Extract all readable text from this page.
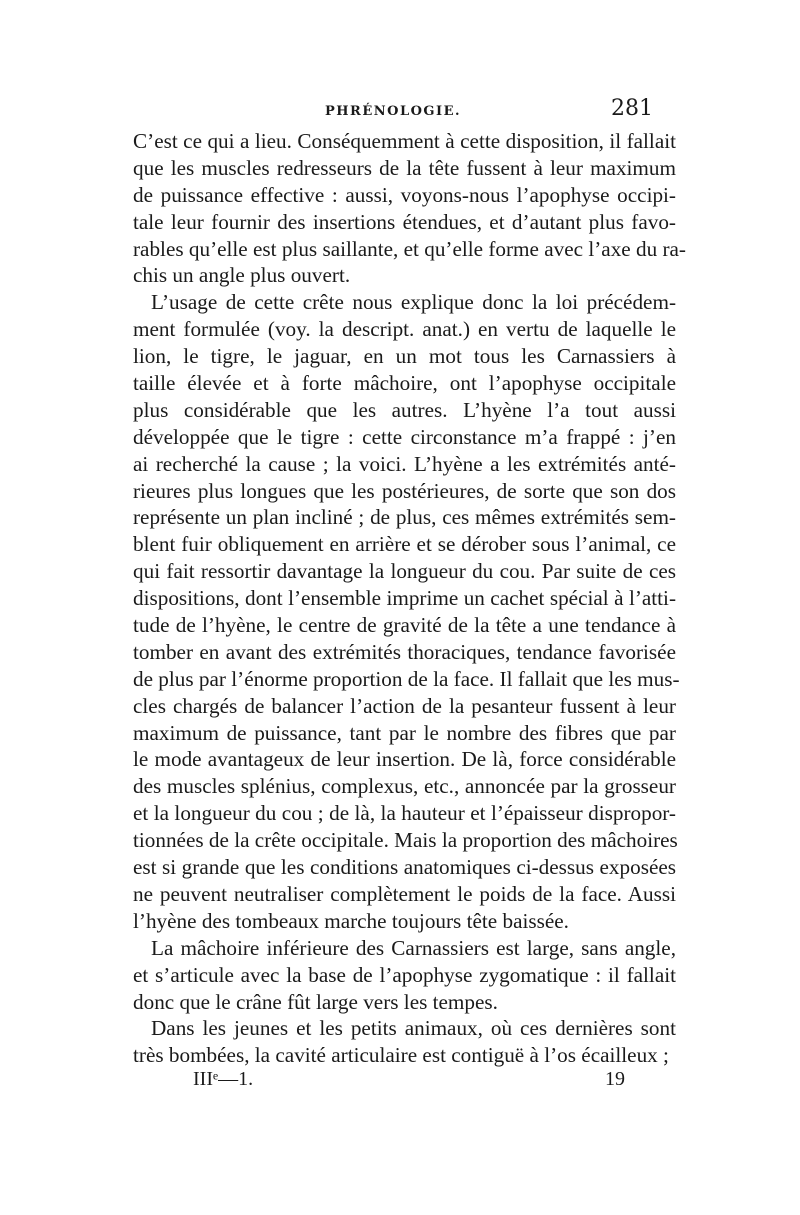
PHRÉNOLOGIE.	281
C’est ce qui a lieu. Conséquemment à cette disposition, il fallait
que les muscles redresseurs de la tête fussent à leur maximum
de puissance effective : aussi, voyons-nous l’apophyse occipi-
tale leur fournir des insertions étendues, et d’autant plus favo-
rables qu’elle est plus saillante, et qu’elle forme avec l’axe du ra-
chis un angle plus ouvert.
L’usage de cette crête nous explique donc la loi précédem-
ment formulée (voy. la descript. anat.) en vertu de laquelle le
lion, le tigre, le jaguar, en un mot tous les Carnassiers à
taille élevée et à forte mâchoire, ont l’apophyse occipitale
plus considérable que les autres. L’hyène l’a tout aussi
développée que le tigre : cette circonstance m’a frappé : j’en
ai recherché la cause ; la voici. L’hyène a les extrémités anté-
rieures plus longues que les postérieures, de sorte que son dos
représente un plan incliné ; de plus, ces mêmes extrémités sem-
blent fuir obliquement en arrière et se dérober sous l’animal, ce
qui fait ressortir davantage la longueur du cou. Par suite de ces
dispositions, dont l’ensemble imprime un cachet spécial à l’atti-
tude de l’hyène, le centre de gravité de la tête a une tendance à
tomber en avant des extrémités thoraciques, tendance favorisée
de plus par l’énorme proportion de la face. Il fallait que les mus-
cles chargés de balancer l’action de la pesanteur fussent à leur
maximum de puissance, tant par le nombre des fibres que par
le mode avantageux de leur insertion. De là, force considérable
des muscles splénius, complexus, etc., annoncée par la grosseur
et la longueur du cou ; de là, la hauteur et l’épaisseur dispropor-
tionnées de la crête occipitale. Mais la proportion des mâchoires
est si grande que les conditions anatomiques ci-dessus exposées
ne peuvent neutraliser complètement le poids de la face. Aussi
l’hyène des tombeaux marche toujours tête baissée.
La mâchoire inférieure des Carnassiers est large, sans angle,
et s’articule avec la base de l’apophyse zygomatique : il fallait
donc que le crâne fût large vers les tempes.
Dans les jeunes et les petits animaux, où ces dernières sont
très bombées, la cavité articulaire est contiguë à l’os écailleux ;
IIIᵉ—1.	19
